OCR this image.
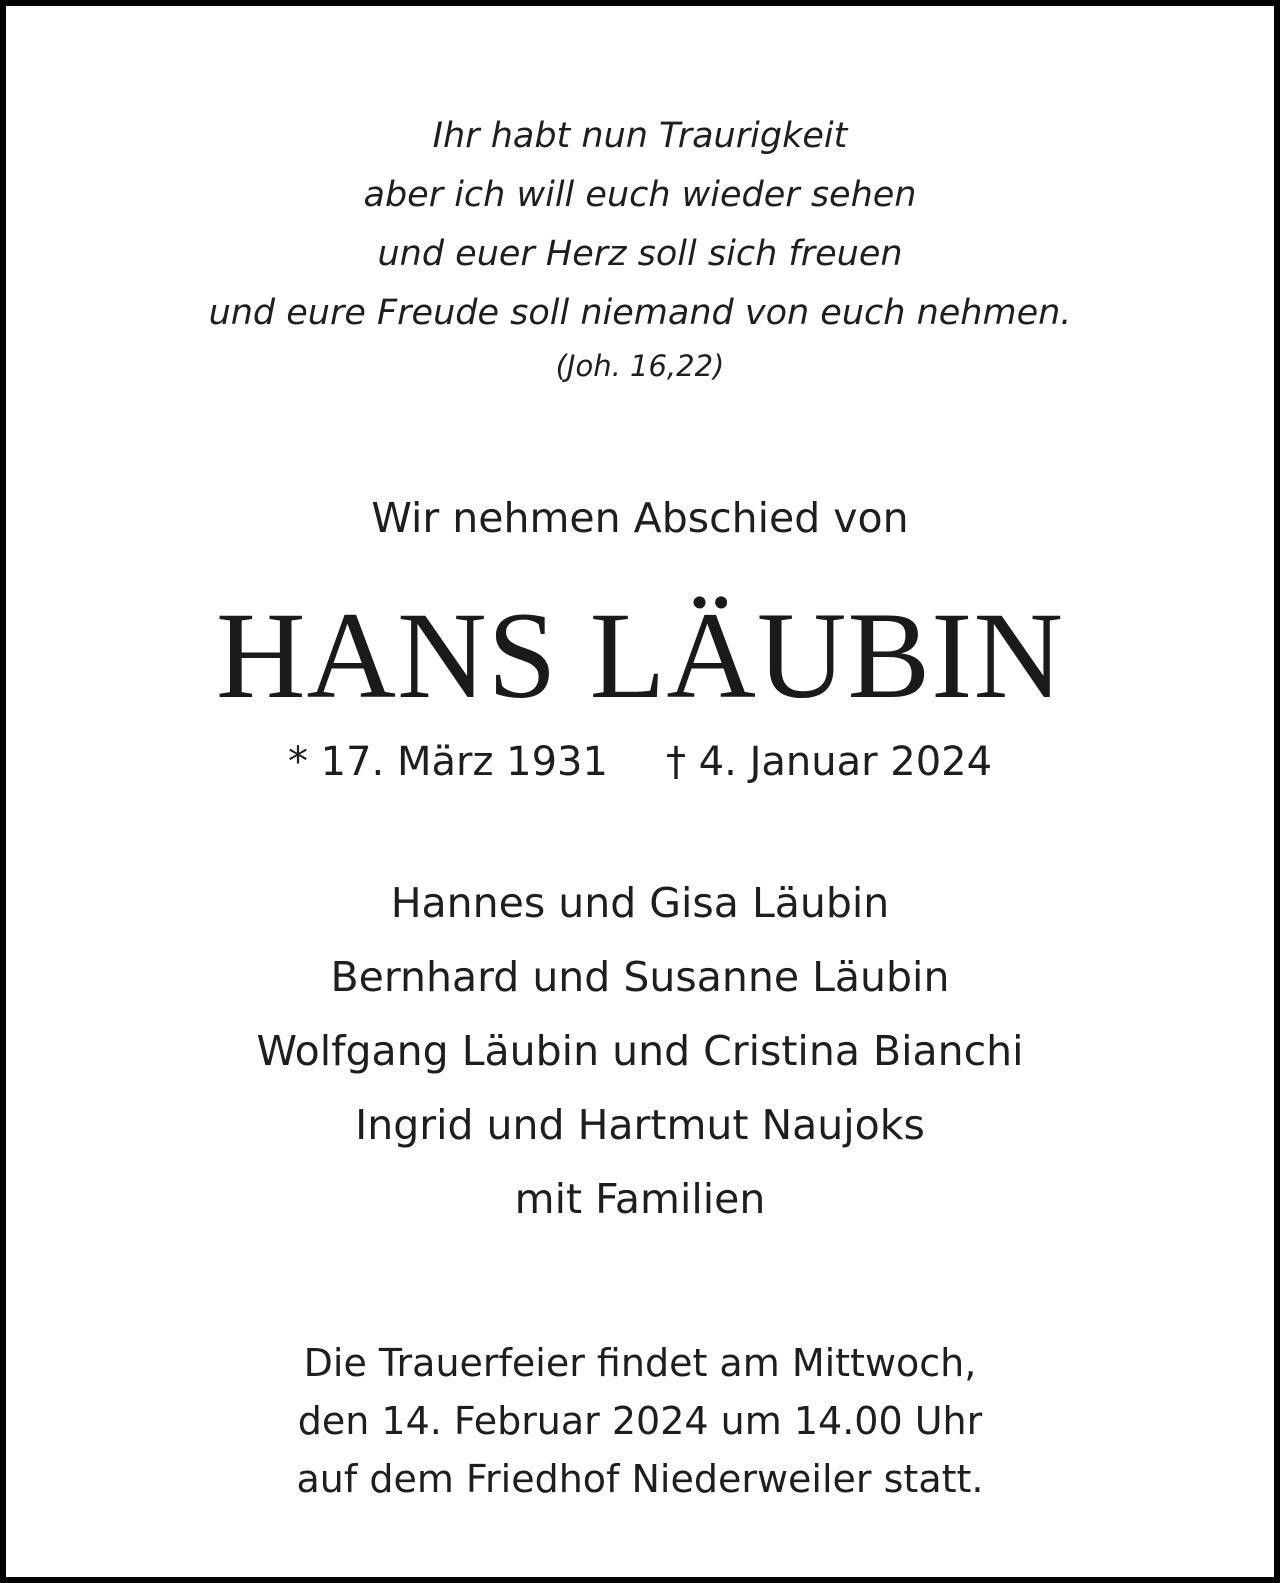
Ihr habt nun Traurigkeit
aber ich will euch wieder sehen
und euer Herz soll sich freuen
und eure Freude soll niemand von euch nehmen.
(Joh. 16,22)
Wir nehmen Abschied von
HANS LÄUBIN
* 17. März 1931 † 4. Januar 2024
Hannes und Gisa Läubin
Bernhard und Susanne Läubin
Wolfgang Läubin und Cristina Bianchi
Ingrid und Hartmut Naujoks
mit Familien
Die Trauerfeier findet am Mittwoch,
den 14. Februar 2024 um 14.00 Uhr
auf dem Friedhof Niederweiler statt.
